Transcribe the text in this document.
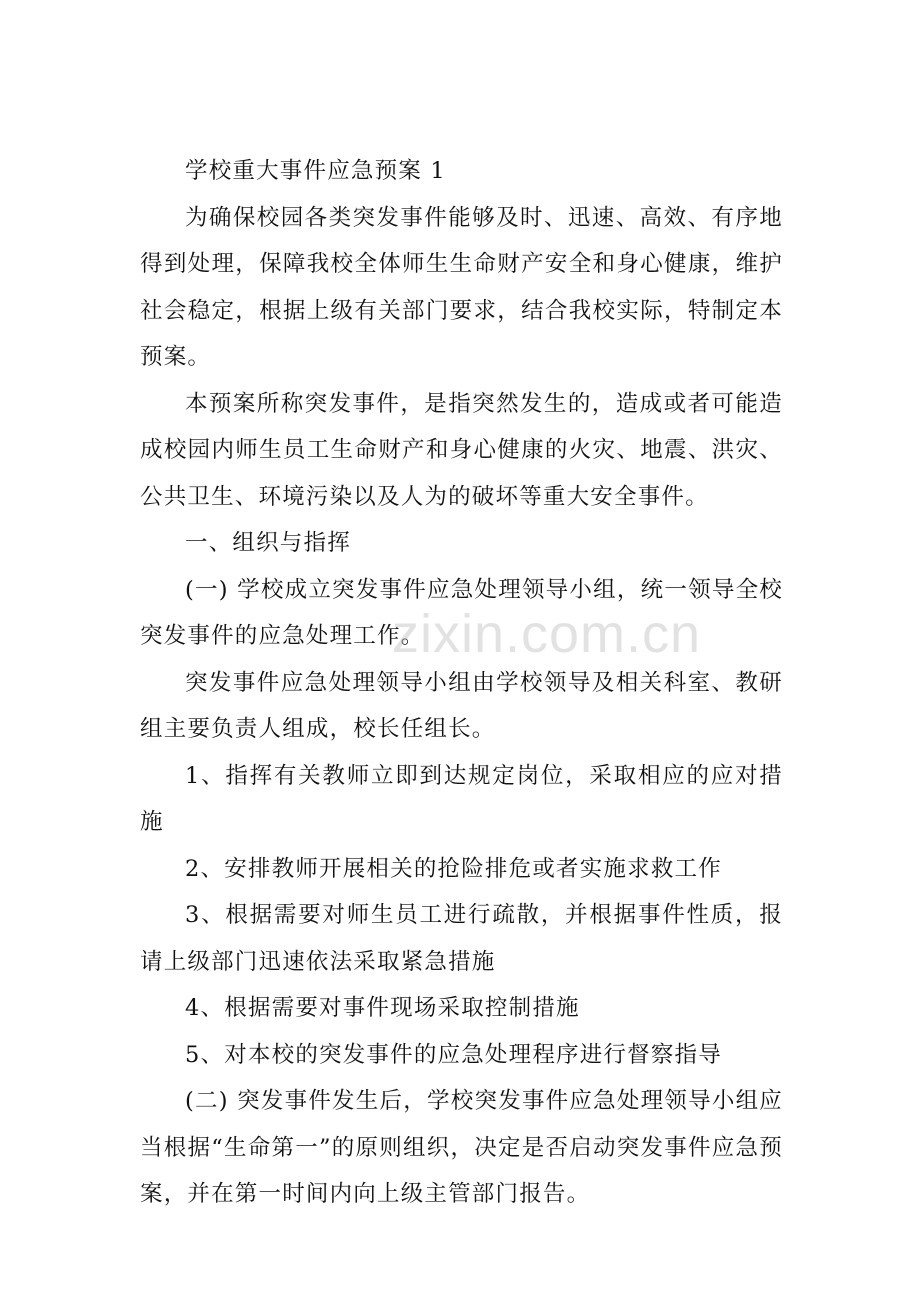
学校重大事件应急预案 1

为确保校园各类突发事件能够及时、迅速、高效、有序地得到处理，保障我校全体师生生命财产安全和身心健康，维护社会稳定，根据上级有关部门要求，结合我校实际，特制定本预案。

本预案所称突发事件，是指突然发生的，造成或者可能造成校园内师生员工生命财产和身心健康的火灾、地震、洪灾、公共卫生、环境污染以及人为的破坏等重大安全事件。

一、组织与指挥

(一) 学校成立突发事件应急处理领导小组，统一领导全校突发事件的应急处理工作。

突发事件应急处理领导小组由学校领导及相关科室、教研组主要负责人组成，校长任组长。

1、指挥有关教师立即到达规定岗位，采取相应的应对措施

2、安排教师开展相关的抢险排危或者实施求救工作

3、根据需要对师生员工进行疏散，并根据事件性质，报请上级部门迅速依法采取紧急措施

4、根据需要对事件现场采取控制措施

5、对本校的突发事件的应急处理程序进行督察指导

(二) 突发事件发生后，学校突发事件应急处理领导小组应当根据“生命第一”的原则组织，决定是否启动突发事件应急预案，并在第一时间内向上级主管部门报告。

zixin.com.cn
